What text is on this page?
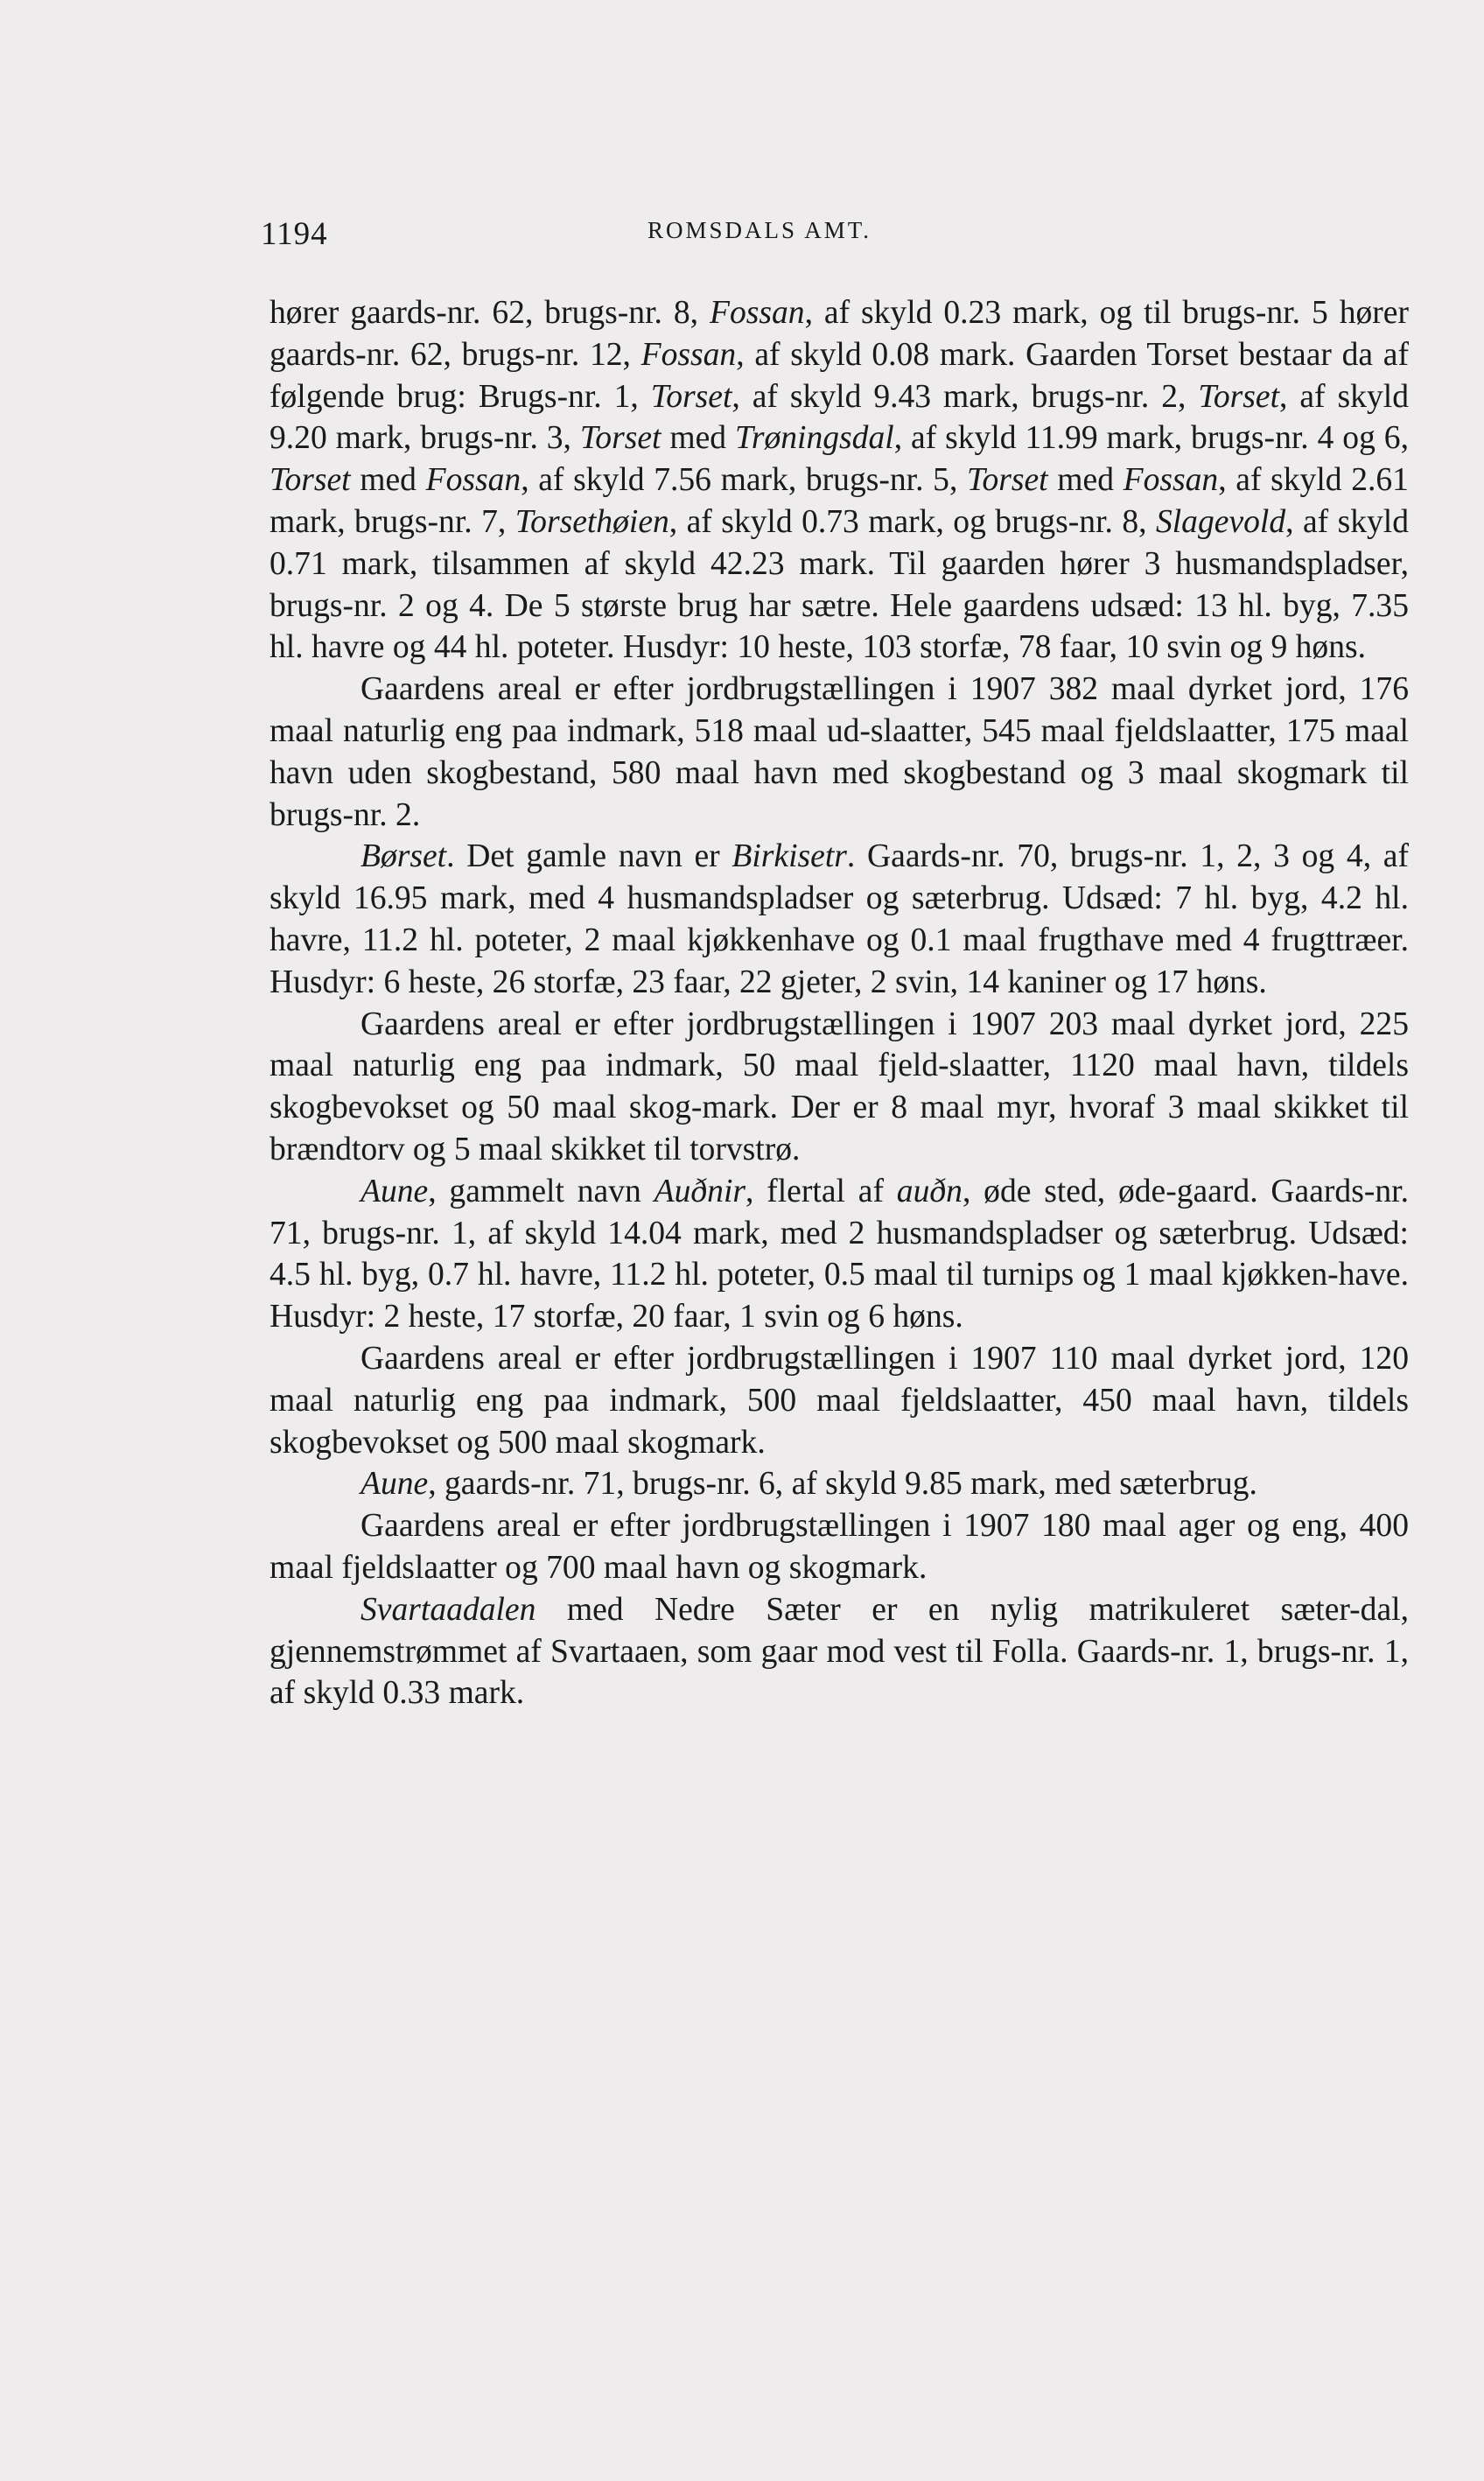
1194	ROMSDALS AMT.

hører gaards-nr. 62, brugs-nr. 8, Fossan, af skyld 0.23 mark, og til brugs-nr. 5 hører gaards-nr. 62, brugs-nr. 12, Fossan, af skyld 0.08 mark. Gaarden Torset bestaar da af følgende brug: Brugs-nr. 1, Torset, af skyld 9.43 mark, brugs-nr. 2, Torset, af skyld 9.20 mark, brugs-nr. 3, Torset med Trøningsdal, af skyld 11.99 mark, brugs-nr. 4 og 6, Torset med Fossan, af skyld 7.56 mark, brugs-nr. 5, Torset med Fossan, af skyld 2.61 mark, brugs-nr. 7, Torsethøien, af skyld 0.73 mark, og brugs-nr. 8, Slagevold, af skyld 0.71 mark, tilsammen af skyld 42.23 mark. Til gaarden hører 3 husmandspladser, brugs-nr. 2 og 4. De 5 største brug har sætre. Hele gaardens udsæd: 13 hl. byg, 7.35 hl. havre og 44 hl. poteter. Husdyr: 10 heste, 103 storfæ, 78 faar, 10 svin og 9 høns.

Gaardens areal er efter jordbrugstællingen i 1907 382 maal dyrket jord, 176 maal naturlig eng paa indmark, 518 maal ud-slaatter, 545 maal fjeldslaatter, 175 maal havn uden skogbestand, 580 maal havn med skogbestand og 3 maal skogmark til brugs-nr. 2.

Børset. Det gamle navn er Birkisetr. Gaards-nr. 70, brugs-nr. 1, 2, 3 og 4, af skyld 16.95 mark, med 4 husmandspladser og sæterbrug. Udsæd: 7 hl. byg, 4.2 hl. havre, 11.2 hl. poteter, 2 maal kjøkkenhave og 0.1 maal frugthave med 4 frugttræer. Husdyr: 6 heste, 26 storfæ, 23 faar, 22 gjeter, 2 svin, 14 kaniner og 17 høns.

Gaardens areal er efter jordbrugstællingen i 1907 203 maal dyrket jord, 225 maal naturlig eng paa indmark, 50 maal fjeld-slaatter, 1120 maal havn, tildels skogbevokset og 50 maal skog-mark. Der er 8 maal myr, hvoraf 3 maal skikket til brændtorv og 5 maal skikket til torvstrø.

Aune, gammelt navn Auðnir, flertal af auðn, øde sted, øde-gaard. Gaards-nr. 71, brugs-nr. 1, af skyld 14.04 mark, med 2 husmandspladser og sæterbrug. Udsæd: 4.5 hl. byg, 0.7 hl. havre, 11.2 hl. poteter, 0.5 maal til turnips og 1 maal kjøkken-have. Husdyr: 2 heste, 17 storfæ, 20 faar, 1 svin og 6 høns.

Gaardens areal er efter jordbrugstællingen i 1907 110 maal dyrket jord, 120 maal naturlig eng paa indmark, 500 maal fjeldslaatter, 450 maal havn, tildels skogbevokset og 500 maal skogmark.

Aune, gaards-nr. 71, brugs-nr. 6, af skyld 9.85 mark, med sæterbrug.

Gaardens areal er efter jordbrugstællingen i 1907 180 maal ager og eng, 400 maal fjeldslaatter og 700 maal havn og skogmark.

Svartaadalen med Nedre Sæter er en nylig matrikuleret sæter-dal, gjennemstrømmet af Svartaaen, som gaar mod vest til Folla. Gaards-nr. 1, brugs-nr. 1, af skyld 0.33 mark.
